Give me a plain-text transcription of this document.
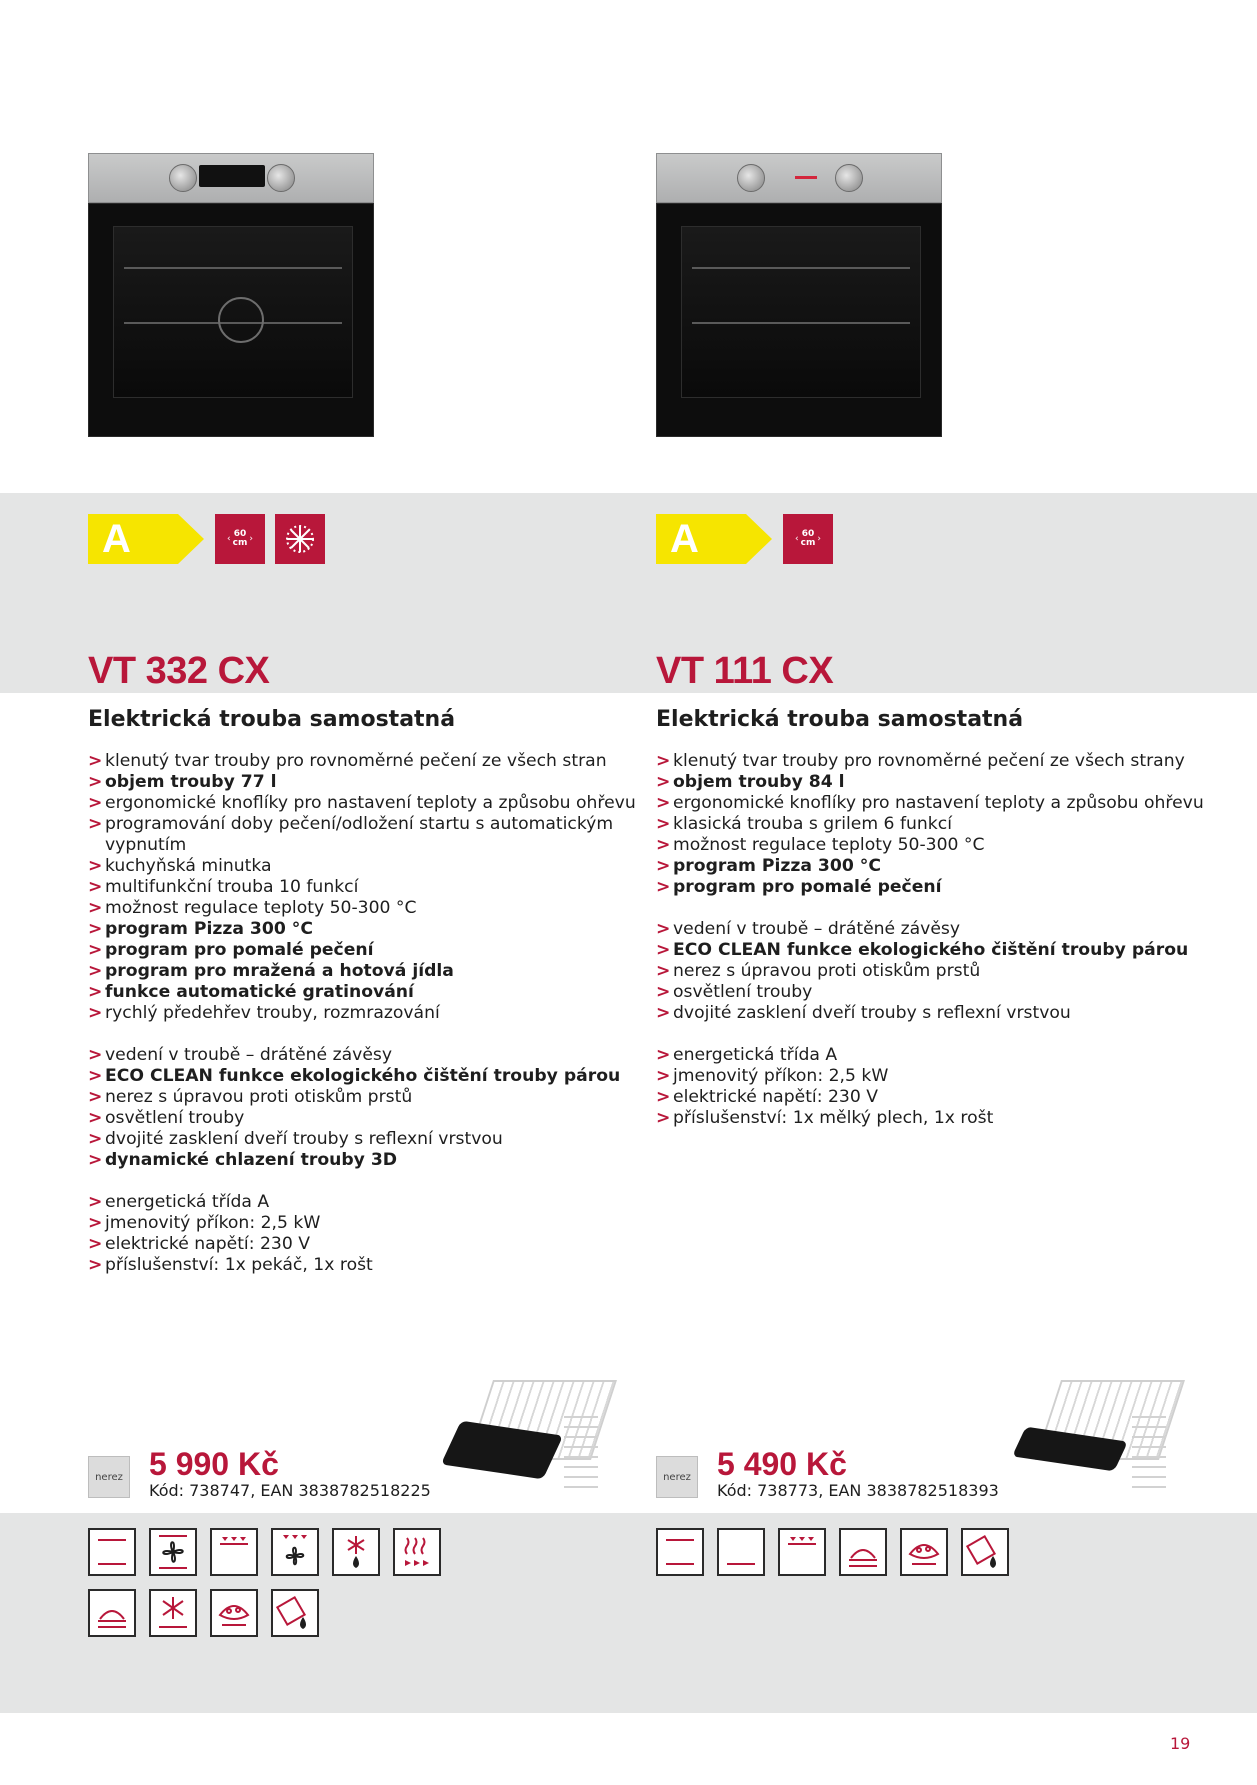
A	‹ 60
cm ›
VT 332 CX
Elektrická trouba samostatná
> klenutý tvar trouby pro rovnoměrné pečení ze všech stran
> objem trouby 77 l
> ergonomické knoflíky pro nastavení teploty a způsobu ohřevu
> programování doby pečení/odložení startu s automatickým vypnutím
> kuchyňská minutka
> multifunkční trouba 10 funkcí
> možnost regulace teploty 50-300 °C
> program Pizza 300 °C
> program pro pomalé pečení
> program pro mražená a hotová jídla
> funkce automatické gratinování
> rychlý předehřev trouby, rozmrazování
> vedení v troubě – drátěné závěsy
> ECO CLEAN funkce ekologického čištění trouby párou
> nerez s úpravou proti otiskům prstů
> osvětlení trouby
> dvojité zasklení dveří trouby s reflexní vrstvou
> dynamické chlazení trouby 3D
> energetická třída A
> jmenovitý příkon: 2,5 kW
> elektrické napětí: 230 V
> příslušenství: 1x pekáč, 1x rošt
nerez 5 990 Kč
Kód: 738747, EAN 3838782518225
A	‹ 60
cm ›
VT 111 CX
Elektrická trouba samostatná
> klenutý tvar trouby pro rovnoměrné pečení ze všech strany
> objem trouby 84 l
> ergonomické knoflíky pro nastavení teploty a způsobu ohřevu
> klasická trouba s grilem 6 funkcí
> možnost regulace teploty 50-300 °C
> program Pizza 300 °C
> program pro pomalé pečení
> vedení v troubě – drátěné závěsy
> ECO CLEAN funkce ekologického čištění trouby párou
> nerez s úpravou proti otiskům prstů
> osvětlení trouby
> dvojité zasklení dveří trouby s reflexní vrstvou
> energetická třída A
> jmenovitý příkon: 2,5 kW
> elektrické napětí: 230 V
> příslušenství: 1x mělký plech, 1x rošt
nerez 5 490 Kč
Kód: 738773, EAN 3838782518393
19
